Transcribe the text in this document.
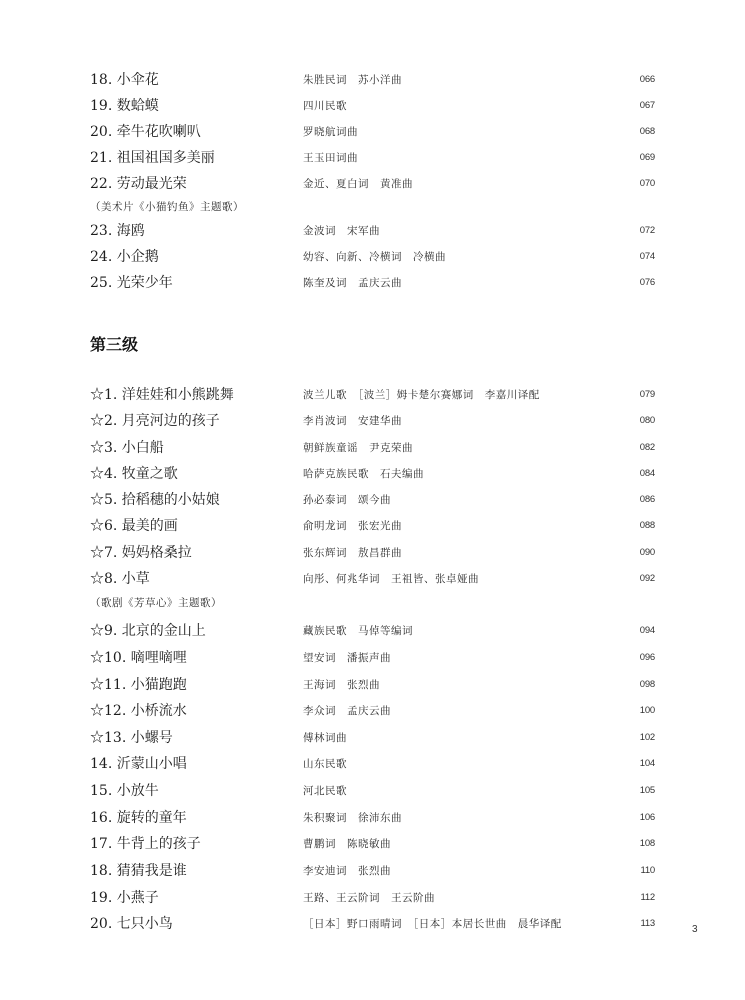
18. 小伞花	朱胜民词　苏小洋曲	066
19. 数蛤蟆	四川民歌	067
20. 牵牛花吹喇叭	罗晓航词曲	068
21. 祖国祖国多美丽	王玉田词曲	069
22. 劳动最光荣	金近、夏白词　黄准曲	070
（美术片《小猫钓鱼》主题歌）
23. 海鸥	金波词　宋军曲	072
24. 小企鹅	幼容、向新、冷横词　冷横曲	074
25. 光荣少年	陈奎及词　孟庆云曲	076
第三级
☆1. 洋娃娃和小熊跳舞	波兰儿歌　［波兰］姆卡楚尔赛娜词　李嘉川译配	079
☆2. 月亮河边的孩子	李肖波词　安建华曲	080
☆3. 小白船	朝鲜族童谣　尹克荣曲	082
☆4. 牧童之歌	哈萨克族民歌　石夫编曲	084
☆5. 拾稻穗的小姑娘	孙必泰词　颂今曲	086
☆6. 最美的画	俞明龙词　张宏光曲	088
☆7. 妈妈格桑拉	张东辉词　敖昌群曲	090
☆8. 小草	向彤、何兆华词　王祖皆、张卓娅曲	092
（歌剧《芳草心》主题歌）
☆9. 北京的金山上	藏族民歌　马倬等编词	094
☆10. 嘀哩嘀哩	望安词　潘振声曲	096
☆11. 小猫跑跑	王海词　张烈曲	098
☆12. 小桥流水	李众词　孟庆云曲	100
☆13. 小螺号	傅林词曲	102
14. 沂蒙山小唱	山东民歌	104
15. 小放牛	河北民歌	105
16. 旋转的童年	朱积聚词　徐沛东曲	106
17. 牛背上的孩子	曹鹏词　陈晓敏曲	108
18. 猜猜我是谁	李安迪词　张烈曲	110
19. 小燕子	王路、王云阶词　王云阶曲	112
20. 七只小鸟	［日本］野口雨晴词　［日本］本居长世曲　晨华译配	113
3
